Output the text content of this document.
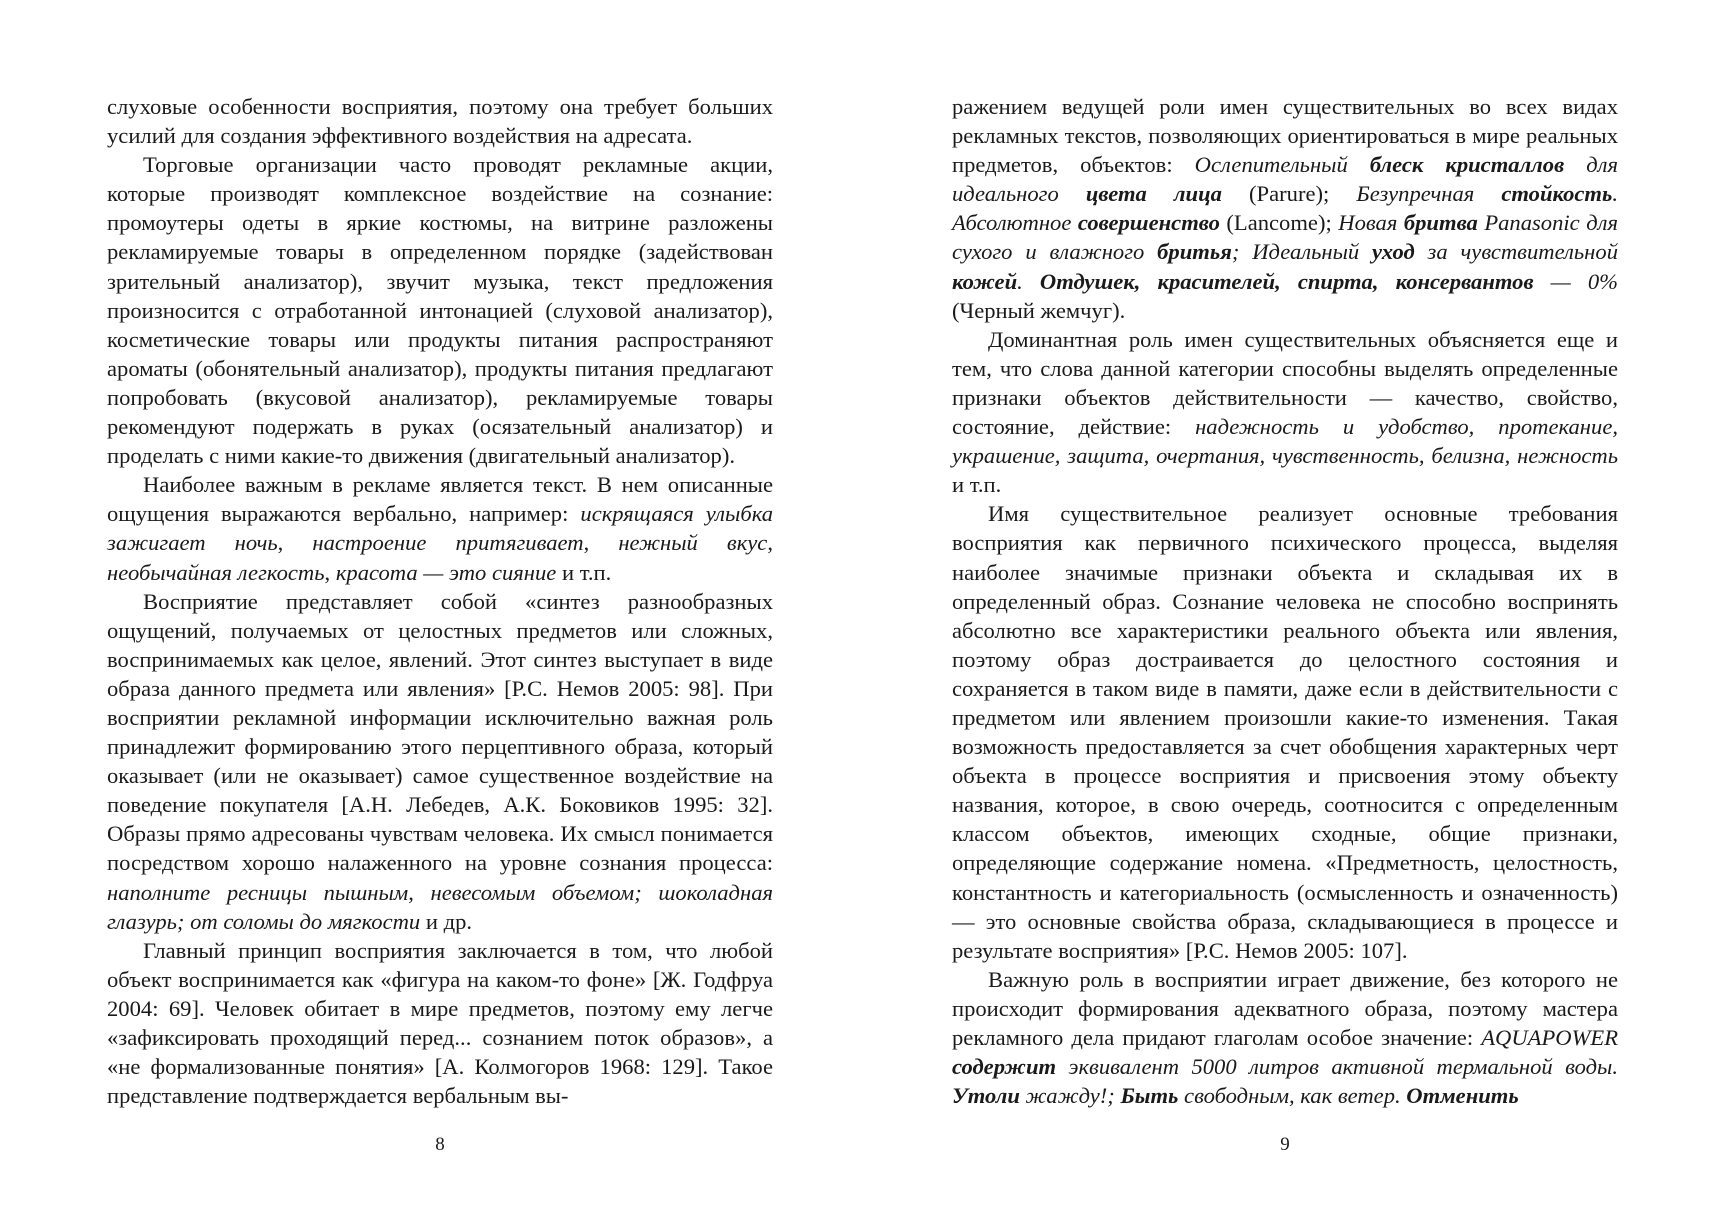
слуховые особенности восприятия, поэтому она требует больших усилий для создания эффективного воздействия на адресата.

Торговые организации часто проводят рекламные акции, которые производят комплексное воздействие на сознание: промоутеры одеты в яркие костюмы, на витрине разложены рекламируемые товары в определенном порядке (задействован зрительный анализатор), звучит музыка, текст предложения произносится с отработанной интонацией (слуховой анализатор), косметические товары или продукты питания распространяют ароматы (обонятельный анализатор), продукты питания предлагают попробовать (вкусовой анализатор), рекламируемые товары рекомендуют подержать в руках (осязательный анализатор) и проделать с ними какие-то движения (двигательный анализатор).

Наиболее важным в рекламе является текст. В нем описанные ощущения выражаются вербально, например: искрящаяся улыбка зажигает ночь, настроение притягивает, нежный вкус, необычайная легкость, красота — это сияние и т.п.

Восприятие представляет собой «синтез разнообразных ощущений, получаемых от целостных предметов или сложных, воспринимаемых как целое, явлений. Этот синтез выступает в виде образа данного предмета или явления» [Р.С. Немов 2005: 98]. При восприятии рекламной информации исключительно важная роль принадлежит формированию этого перцептивного образа, который оказывает (или не оказывает) самое существенное воздействие на поведение покупателя [А.Н. Лебедев, А.К. Боковиков 1995: 32]. Образы прямо адресованы чувствам человека. Их смысл понимается посредством хорошо налаженного на уровне сознания процесса: наполните ресницы пышным, невесомым объемом; шоколадная глазурь; от соломы до мягкости и др.

Главный принцип восприятия заключается в том, что любой объект воспринимается как «фигура на каком-то фоне» [Ж. Годфруа 2004: 69]. Человек обитает в мире предметов, поэтому ему легче «зафиксировать проходящий перед... сознанием поток образов», а «не формализованные понятия» [А. Колмогоров 1968: 129]. Такое представление подтверждается вербальным вы-

8

ражением ведущей роли имен существительных во всех видах рекламных текстов, позволяющих ориентироваться в мире реальных предметов, объектов: Ослепительный блеск кристаллов для идеального цвета лица (Parure); Безупречная стойкость. Абсолютное совершенство (Lancome); Новая бритва Panasonic для сухого и влажного бритья; Идеальный уход за чувствительной кожей. Отдушек, красителей, спирта, консервантов — 0% (Черный жемчуг).

Доминантная роль имен существительных объясняется еще и тем, что слова данной категории способны выделять определенные признаки объектов действительности — качество, свойство, состояние, действие: надежность и удобство, протекание, украшение, защита, очертания, чувственность, белизна, нежность и т.п.

Имя существительное реализует основные требования восприятия как первичного психического процесса, выделяя наиболее значимые признаки объекта и складывая их в определенный образ. Сознание человека не способно воспринять абсолютно все характеристики реального объекта или явления, поэтому образ достраивается до целостного состояния и сохраняется в таком виде в памяти, даже если в действительности с предметом или явлением произошли какие-то изменения. Такая возможность предоставляется за счет обобщения характерных черт объекта в процессе восприятия и присвоения этому объекту названия, которое, в свою очередь, соотносится с определенным классом объектов, имеющих сходные, общие признаки, определяющие содержание номена. «Предметность, целостность, константность и категориальность (осмысленность и означенность) — это основные свойства образа, складывающиеся в процессе и результате восприятия» [Р.С. Немов 2005: 107].

Важную роль в восприятии играет движение, без которого не происходит формирования адекватного образа, поэтому мастера рекламного дела придают глаголам особое значение: AQUAPOWER содержит эквивалент 5000 литров активной термальной воды. Утоли жажду!; Быть свободным, как ветер. Отменить

9
